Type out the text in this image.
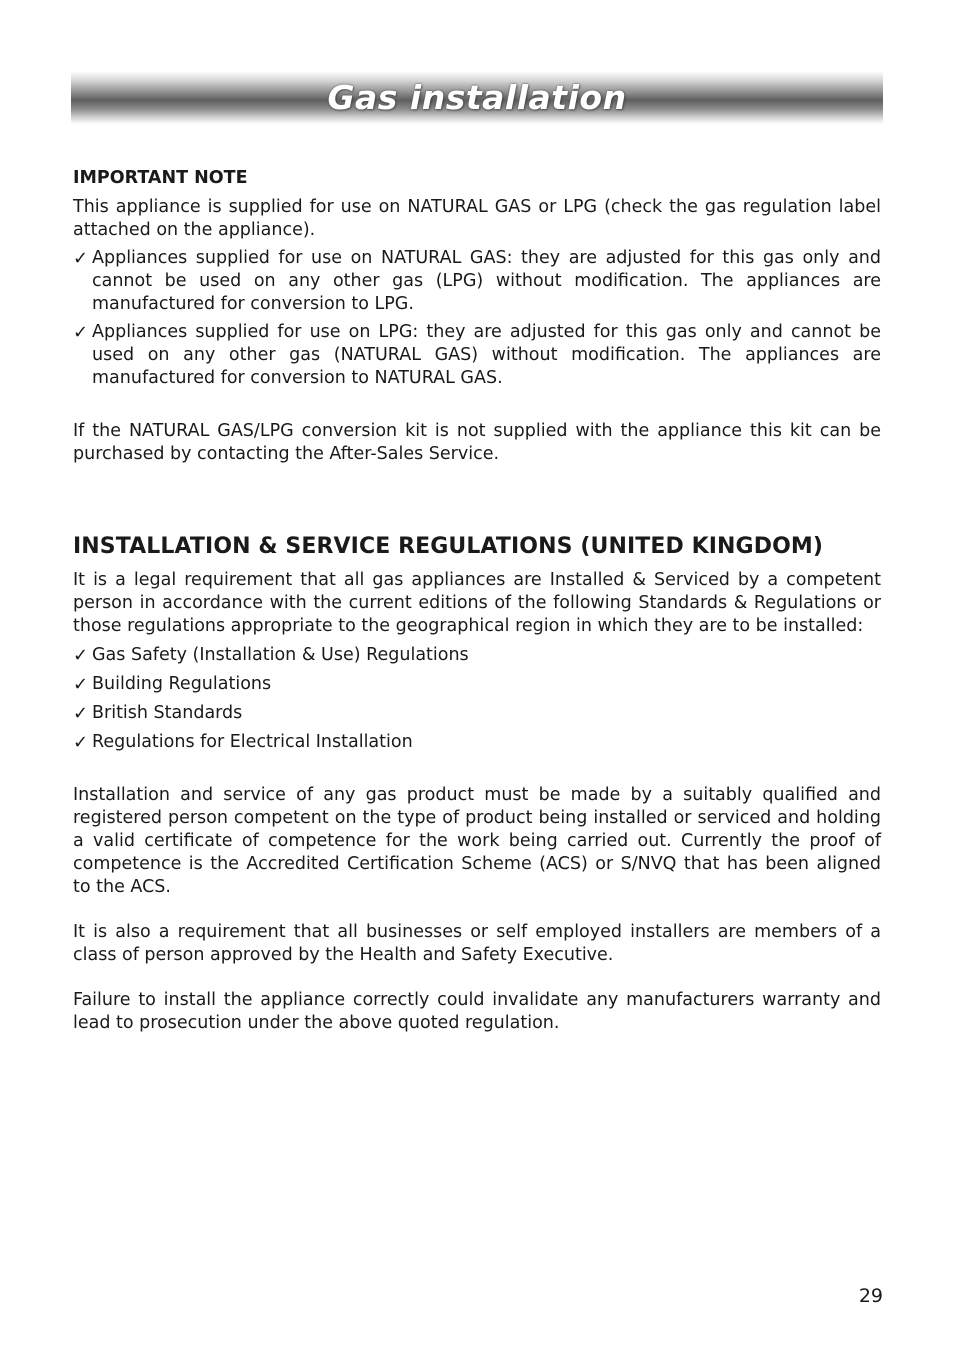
Gas installation
IMPORTANT NOTE

This appliance is supplied for use on NATURAL GAS or LPG (check the gas regulation label attached on the appliance).

✓ Appliances supplied for use on NATURAL GAS: they are adjusted for this gas only and cannot be used on any other gas (LPG) without modification. The appliances are manufactured for conversion to LPG.
✓ Appliances supplied for use on LPG: they are adjusted for this gas only and cannot be used on any other gas (NATURAL GAS) without modification. The appliances are manufactured for conversion to NATURAL GAS.

If the NATURAL GAS/LPG conversion kit is not supplied with the appliance this kit can be purchased by contacting the After-Sales Service.

INSTALLATION & SERVICE REGULATIONS (UNITED KINGDOM)

It is a legal requirement that all gas appliances are Installed & Serviced by a competent person in accordance with the current editions of the following Standards & Regulations or those regulations appropriate to the geographical region in which they are to be installed:

✓ Gas Safety (Installation & Use) Regulations
✓ Building Regulations
✓ British Standards
✓ Regulations for Electrical Installation

Installation and service of any gas product must be made by a suitably qualified and registered person competent on the type of product being installed or serviced and holding a valid certificate of competence for the work being carried out. Currently the proof of competence is the Accredited Certification Scheme (ACS) or S/NVQ that has been aligned to the ACS.

It is also a requirement that all businesses or self employed installers are members of a class of person approved by the Health and Safety Executive.

Failure to install the appliance correctly could invalidate any manufacturers warranty and lead to prosecution under the above quoted regulation.

29
